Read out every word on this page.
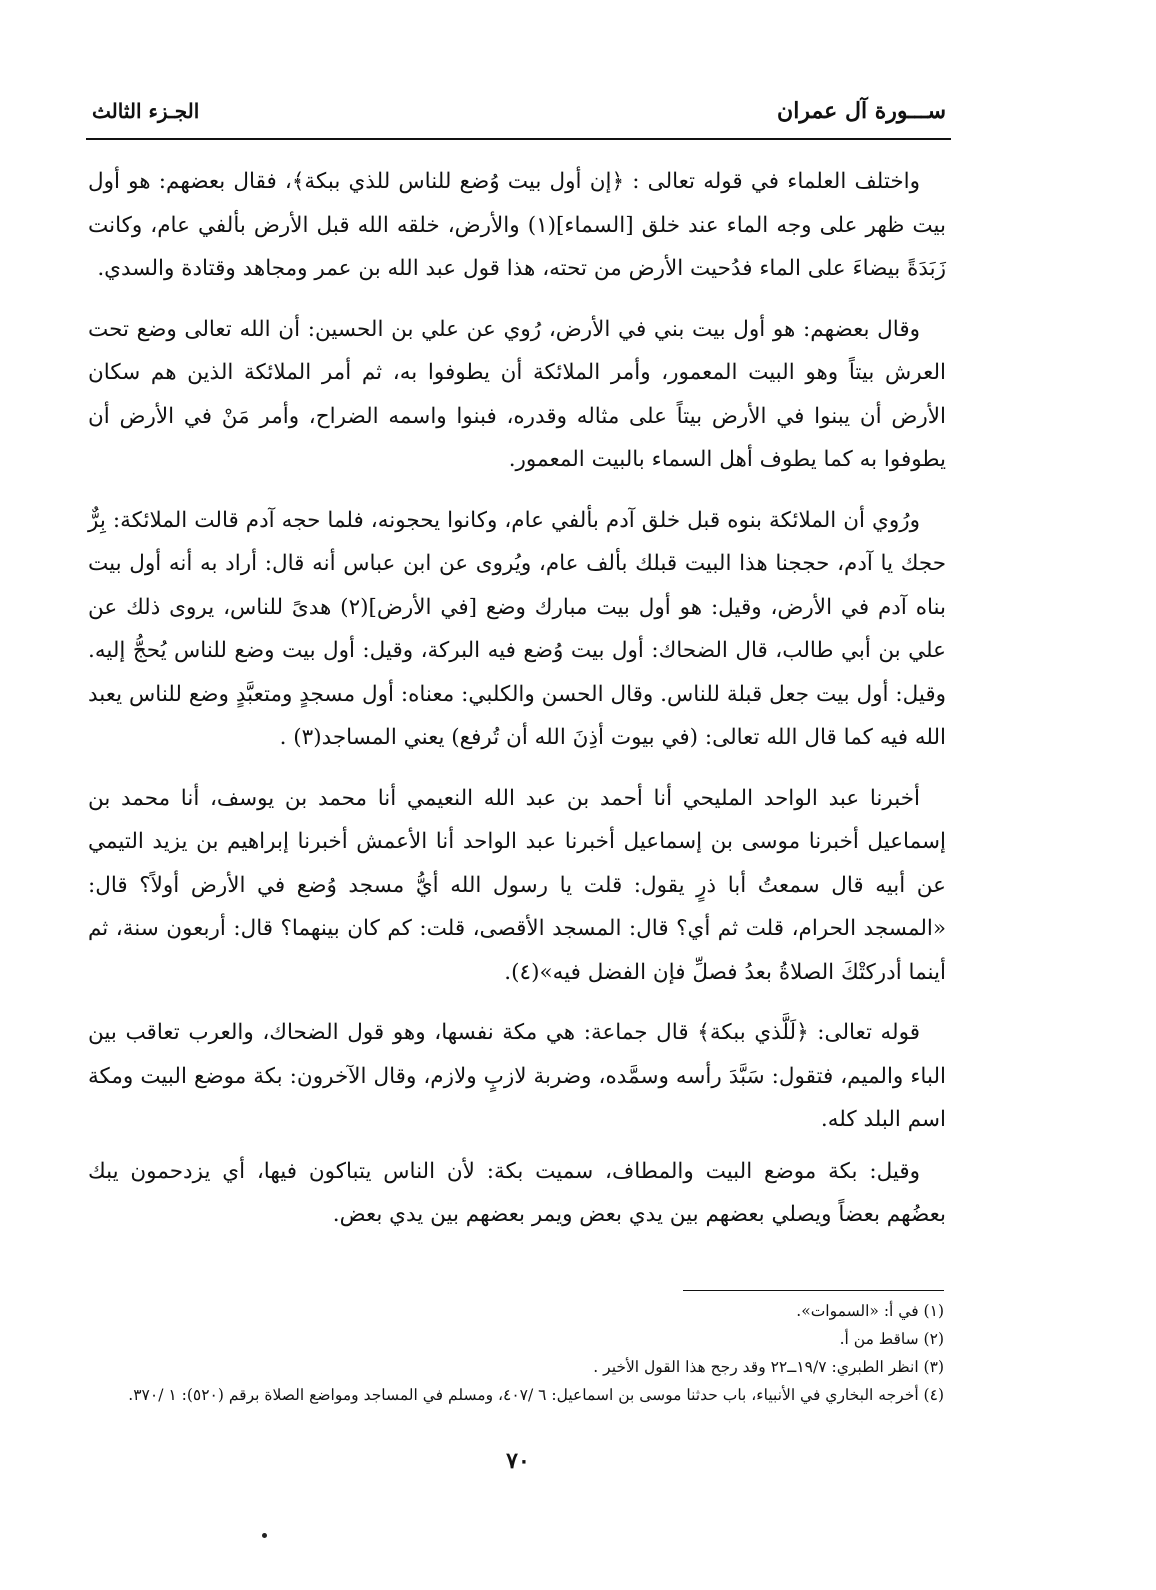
ســـورة آل عمران
الجـزء الثالث

واختلف العلماء في قوله تعالى : ﴿إن أول بيت وُضع للناس للذي ببكة﴾، فقال بعضهم: هو أول بيت ظهر على وجه الماء عند خلق [السماء](١) والأرض، خلقه الله قبل الأرض بألفي عام، وكانت زَبَدَةً بيضاءَ على الماء فدُحيت الأرض من تحته، هذا قول عبد الله بن عمر ومجاهد وقتادة والسدي.

وقال بعضهم: هو أول بيت بني في الأرض، رُوي عن علي بن الحسين: أن الله تعالى وضع تحت العرش بيتاً وهو البيت المعمور، وأمر الملائكة أن يطوفوا به، ثم أمر الملائكة الذين هم سكان الأرض أن يبنوا في الأرض بيتاً على مثاله وقدره، فبنوا واسمه الضراح، وأمر مَنْ في الأرض أن يطوفوا به كما يطوف أهل السماء بالبيت المعمور.

ورُوي أن الملائكة بنوه قبل خلق آدم بألفي عام، وكانوا يحجونه، فلما حجه آدم قالت الملائكة: بِرٌّ حجك يا آدم، حججنا هذا البيت قبلك بألف عام، ويُروى عن ابن عباس أنه قال: أراد به أنه أول بيت بناه آدم في الأرض، وقيل: هو أول بيت مبارك وضع [في الأرض](٢) هدىً للناس، يروى ذلك عن علي بن أبي طالب، قال الضحاك: أول بيت وُضع فيه البركة، وقيل: أول بيت وضع للناس يُحجُّ إليه. وقيل: أول بيت جعل قبلة للناس. وقال الحسن والكلبي: معناه: أول مسجدٍ ومتعبَّدٍ وضع للناس يعبد الله فيه كما قال الله تعالى: (في بيوت أذِنَ الله أن تُرفع) يعني المساجد(٣) .

أخبرنا عبد الواحد المليحي أنا أحمد بن عبد الله النعيمي أنا محمد بن يوسف، أنا محمد بن إسماعيل أخبرنا موسى بن إسماعيل أخبرنا عبد الواحد أنا الأعمش أخبرنا إبراهيم بن يزيد التيمي عن أبيه قال سمعتُ أبا ذرٍ يقول: قلت يا رسول الله أيُّ مسجد وُضع في الأرض أولاً؟ قال: «المسجد الحرام، قلت ثم أي؟ قال: المسجد الأقصى، قلت: كم كان بينهما؟ قال: أربعون سنة، ثم أينما أدركتْكَ الصلاةُ بعدُ فصلِّ فإن الفضل فيه»(٤).

قوله تعالى: ﴿لَلَّذي ببكة﴾ قال جماعة: هي مكة نفسها، وهو قول الضحاك، والعرب تعاقب بين الباء والميم، فتقول: سَبَّدَ رأسه وسمَّده، وضربة لازبٍ ولازم، وقال الآخرون: بكة موضع البيت ومكة اسم البلد كله.

وقيل: بكة موضع البيت والمطاف، سميت بكة: لأن الناس يتباكون فيها، أي يزدحمون يبك بعضُهم بعضاً ويصلي بعضهم بين يدي بعض ويمر بعضهم بين يدي بعض.

(١) في أ: «السموات».
(٢) ساقط من أ.
(٣) انظر الطبري: ١٩/٧ــ٢٢ وقد رجح هذا القول الأخير .
(٤) أخرجه البخاري في الأنبياء، باب حدثنا موسى بن اسماعيل: ٦ /٤٠٧، ومسلم في المساجد ومواضع الصلاة برقم (٥٢٠): ١ /٣٧٠.
٧٠
